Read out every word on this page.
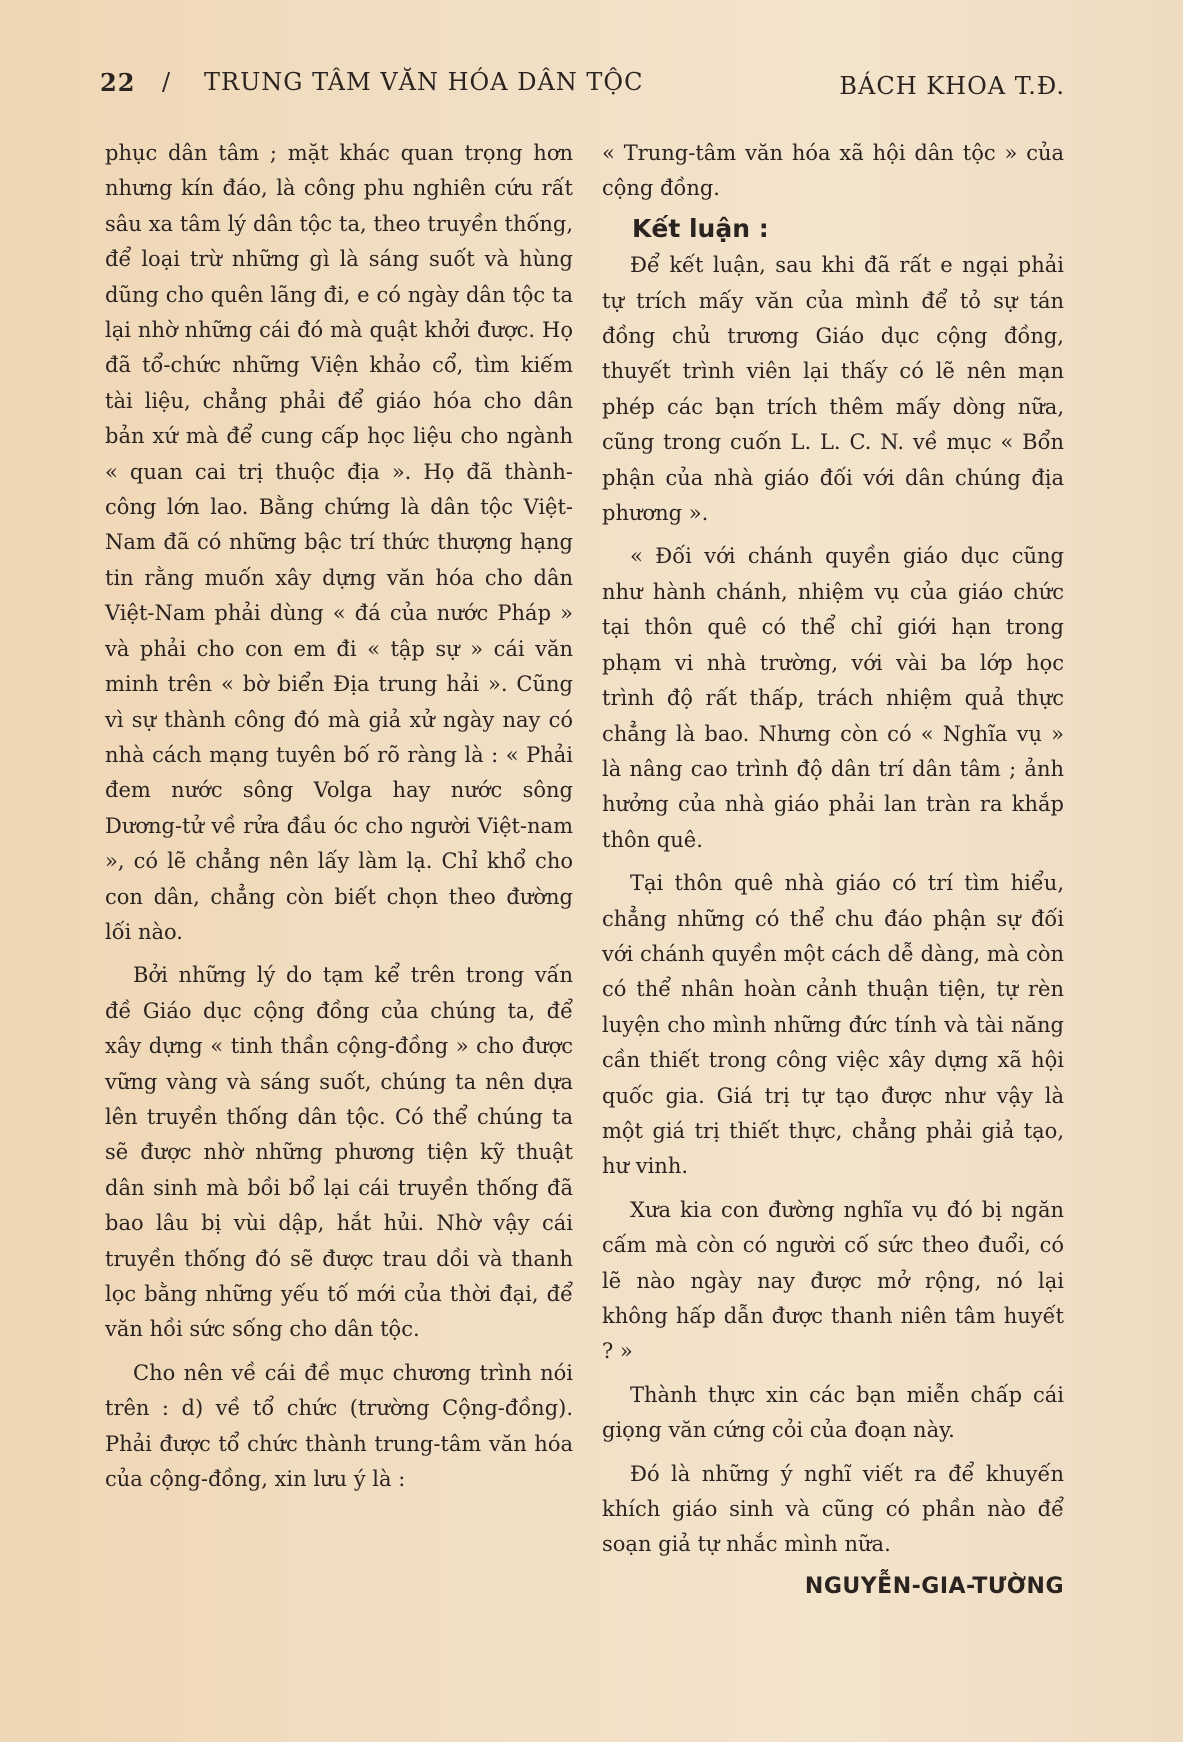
22 / TRUNG TÂM VĂN HÓA DÂN TỘC	BÁCH KHOA T.Đ.

phục dân tâm ; mặt khác quan trọng hơn nhưng kín đáo, là công phu nghiên cứu rất sâu xa tâm lý dân tộc ta, theo truyền thống, để loại trừ những gì là sáng suốt và hùng dũng cho quên lãng đi, e có ngày dân tộc ta lại nhờ những cái đó mà quật khởi được. Họ đã tổ-chức những Viện khảo cổ, tìm kiếm tài liệu, chẳng phải để giáo hóa cho dân bản xứ mà để cung cấp học liệu cho ngành « quan cai trị thuộc địa ». Họ đã thành-công lớn lao. Bằng chứng là dân tộc Việt-Nam đã có những bậc trí thức thượng hạng tin rằng muốn xây dựng văn hóa cho dân Việt-Nam phải dùng « đá của nước Pháp » và phải cho con em đi « tập sự » cái văn minh trên « bờ biển Địa trung hải ». Cũng vì sự thành công đó mà giả xử ngày nay có nhà cách mạng tuyên bố rõ ràng là : « Phải đem nước sông Volga hay nước sông Dương-tử về rửa đầu óc cho người Việt-nam », có lẽ chẳng nên lấy làm lạ. Chỉ khổ cho con dân, chẳng còn biết chọn theo đường lối nào.

Bởi những lý do tạm kể trên trong vấn đề Giáo dục cộng đồng của chúng ta, để xây dựng « tinh thần cộng-đồng » cho được vững vàng và sáng suốt, chúng ta nên dựa lên truyền thống dân tộc. Có thể chúng ta sẽ được nhờ những phương tiện kỹ thuật dân sinh mà bồi bổ lại cái truyền thống đã bao lâu bị vùi dập, hắt hủi. Nhờ vậy cái truyền thống đó sẽ được trau dồi và thanh lọc bằng những yếu tố mới của thời đại, để văn hồi sức sống cho dân tộc.

Cho nên về cái đề mục chương trình nói trên : d) về tổ chức (trường Cộng-đồng). Phải được tổ chức thành trung-tâm văn hóa của cộng-đồng, xin lưu ý là :

« Trung-tâm văn hóa xã hội dân tộc » của cộng đồng.

Kết luận :

Để kết luận, sau khi đã rất e ngại phải tự trích mấy văn của mình để tỏ sự tán đồng chủ trương Giáo dục cộng đồng, thuyết trình viên lại thấy có lẽ nên mạn phép các bạn trích thêm mấy dòng nữa, cũng trong cuốn L. L. C. N. về mục « Bổn phận của nhà giáo đối với dân chúng địa phương ».

« Đối với chánh quyền giáo dục cũng như hành chánh, nhiệm vụ của giáo chức tại thôn quê có thể chỉ giới hạn trong phạm vi nhà trường, với vài ba lớp học trình độ rất thấp, trách nhiệm quả thực chẳng là bao. Nhưng còn có « Nghĩa vụ » là nâng cao trình độ dân trí dân tâm ; ảnh hưởng của nhà giáo phải lan tràn ra khắp thôn quê.

Tại thôn quê nhà giáo có trí tìm hiểu, chẳng những có thể chu đáo phận sự đối với chánh quyền một cách dễ dàng, mà còn có thể nhân hoàn cảnh thuận tiện, tự rèn luyện cho mình những đức tính và tài năng cần thiết trong công việc xây dựng xã hội quốc gia. Giá trị tự tạo được như vậy là một giá trị thiết thực, chẳng phải giả tạo, hư vinh.

Xưa kia con đường nghĩa vụ đó bị ngăn cấm mà còn có người cố sức theo đuổi, có lẽ nào ngày nay được mở rộng, nó lại không hấp dẫn được thanh niên tâm huyết ? »

Thành thực xin các bạn miễn chấp cái giọng văn cứng cỏi của đoạn này.

Đó là những ý nghĩ viết ra để khuyến khích giáo sinh và cũng có phần nào để soạn giả tự nhắc mình nữa.

NGUYỄN-GIA-TƯỜNG
